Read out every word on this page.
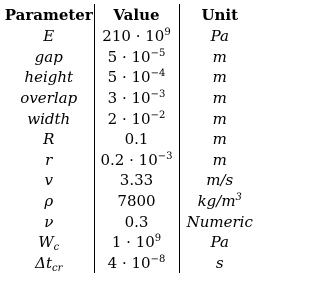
Parameter	Value	Unit
E	$210 \cdot 10^9$	Pa
gap	$5 \cdot 10^{-5}$	m
height	$5 \cdot 10^{-4}$	m
overlap	$3 \cdot 10^{-3}$	m
width	$2 \cdot 10^{-2}$	m
R	0.1	m
r	$0.2 \cdot 10^{-3}$	m
v	3.33	m/s
ρ	7800	$kg/m^3$
ν	0.3	Numeric
$W_c$	$1 \cdot 10^9$	Pa
$\Delta t_{cr}$	$4 \cdot 10^{-8}$	s
